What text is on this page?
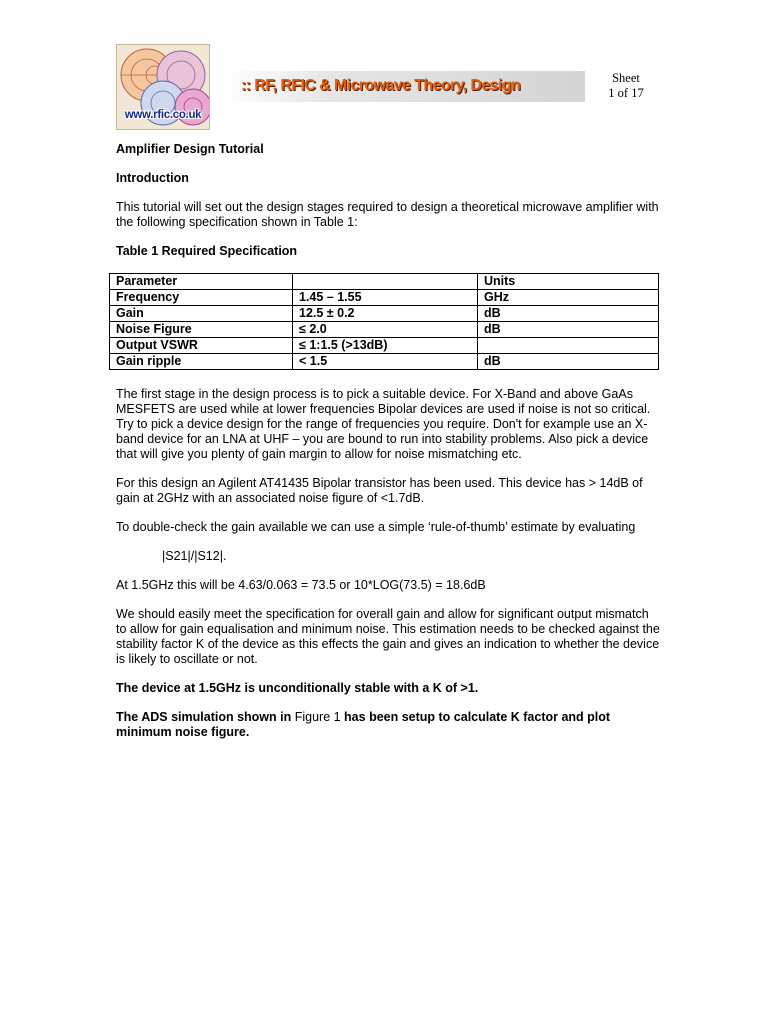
www.rfic.co.uk
:: RF, RFIC & Microwave Theory, Design	Sheet
1 of 17

Amplifier Design Tutorial

Introduction

This tutorial will set out the design stages required to design a theoretical microwave amplifier with the following specification shown in Table 1:

Table 1 Required Specification

Parameter		Units
Frequency	1.45 – 1.55	GHz
Gain	12.5 ± 0.2	dB
Noise Figure	≤ 2.0	dB
Output VSWR	≤ 1:1.5 (>13dB)	
Gain ripple	< 1.5	dB

The first stage in the design process is to pick a suitable device. For X-Band and above GaAs MESFETS are used while at lower frequencies Bipolar devices are used if noise is not so critical. Try to pick a device design for the range of frequencies you require. Don't for example use an X-band device for an LNA at UHF – you are bound to run into stability problems. Also pick a device that will give you plenty of gain margin to allow for noise mismatching etc.

For this design an Agilent AT41435 Bipolar transistor has been used. This device has > 14dB of gain at 2GHz with an associated noise figure of <1.7dB.

To double-check the gain available we can use a simple ‘rule-of-thumb’ estimate by evaluating

|S21|/|S12|.

At 1.5GHz this will be 4.63/0.063 = 73.5 or 10*LOG(73.5) = 18.6dB

We should easily meet the specification for overall gain and allow for significant output mismatch to allow for gain equalisation and minimum noise. This estimation needs to be checked against the stability factor K of the device as this effects the gain and gives an indication to whether the device is likely to oscillate or not.

The device at 1.5GHz is unconditionally stable with a K of >1.

The ADS simulation shown in Figure 1 has been setup to calculate K factor and plot minimum noise figure.
